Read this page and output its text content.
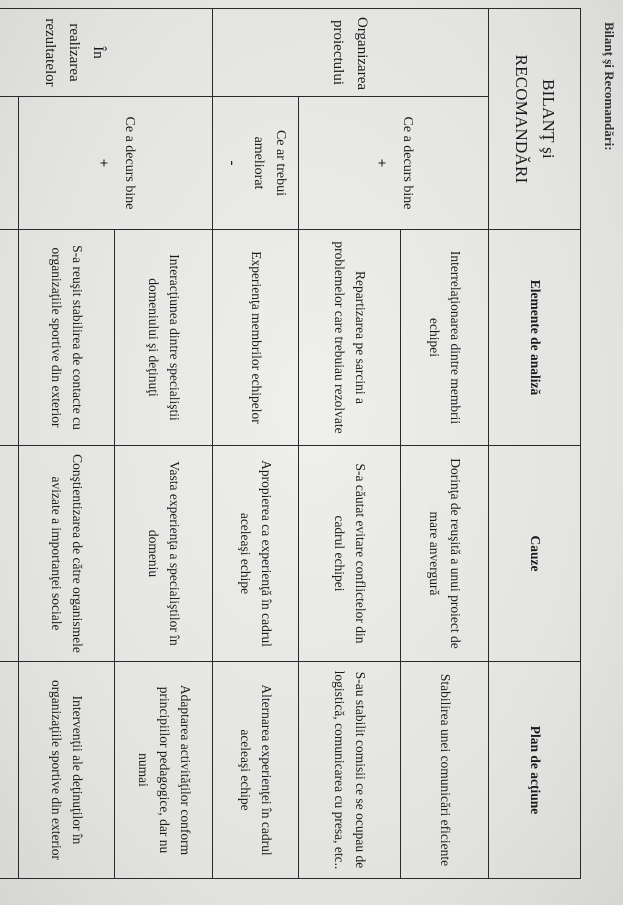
Bilanţ şi Recomandări:
BILANŢ şi RECOMANDĂRI		Elemente de analiză	Cauze	Plan de acţiune
Organizarea proiectului	Ce a decurs bine
+	Interrelaţionarea dintre membrii echipei	Dorinţa de reuşită a unui proiect de mare anvergură	Stabilirea unei comunicări eficiente
		Repartizarea pe sarcini a problemelor care trebuiau rezolvate	S-a căutat evitare conflictelor din cadrul echipei	S-au stabilit comisii ce se ocupau de logistică, comunicarea cu presa, etc..
	Ce ar trebui ameliorat
-	Experienţa membrilor echipelor	Apropierea ca experienţă în cadrul aceleaşi echipe	Alternarea experienţei în cadrul aceleaşi echipe
În realizarea rezultatelor	Ce a decurs bine
+	Interacţiunea dintre specialiştii domeniului şi deţinuţi	Vasta experienţa a specialiştilor în domeniu	Adaptarea activităţilor conform principiilor pedagogice, dar nu numai
		S-a reuşit stabilirea de contacte cu organizaţiile sportive din exterior	Conştientizarea de către organismele avizate a importanţei sociale	Intervenţii ale deţinuţilor în organizaţiile sportive din exterior
